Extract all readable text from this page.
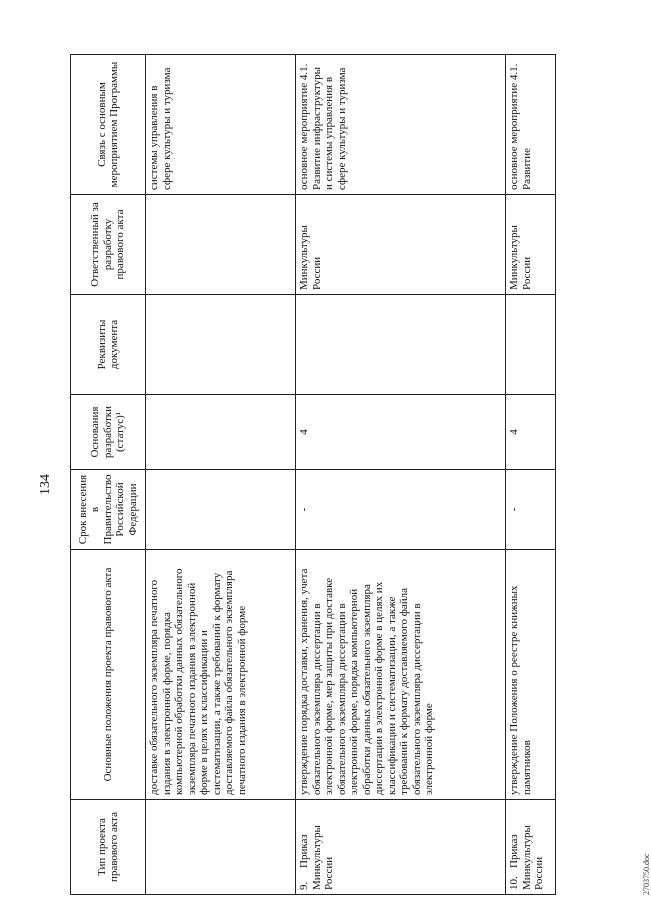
134
Тип проекта правового акта	Основные положения проекта правового акта	Срок внесения в Правительство Российской Федерации	Основания разработки (статус)¹	Реквизиты документа	Ответственный за разработку правового акта	Связь с основным мероприятием Программы
	доставке обязательного экземпляра печатного издания в электронной форме, порядка компьютерной обработки данных обязательного экземпляра печатного издания в электронной форме в целях их классификации и систематизации, а также требований к формату доставляемого файла обязательного экземпляра печатного издания в электронной форме					системы управления в сфере культуры и туризма
9.Приказ Минкультуры России	утверждение порядка доставки, хранения, учета обязательного экземпляра диссертации в электронной форме, мер защиты при доставке обязательного экземпляра диссертации в электронной форме, порядка компьютерной обработки данных обязательного экземпляра диссертации в электронной форме в целях их классификации и систематизации, а также требований к формату доставляемого файла обязательного экземпляра диссертации в электронной форме	-	4		Минкультуры России	основное мероприятие 4.1. Развитие инфраструктуры и системы управления в сфере культуры и туризма
10.Приказ Минкультуры России	утверждение Положения о реестре книжных памятников	-	4		Минкультуры России	основное мероприятие 4.1. Развитие
2703750.doc
